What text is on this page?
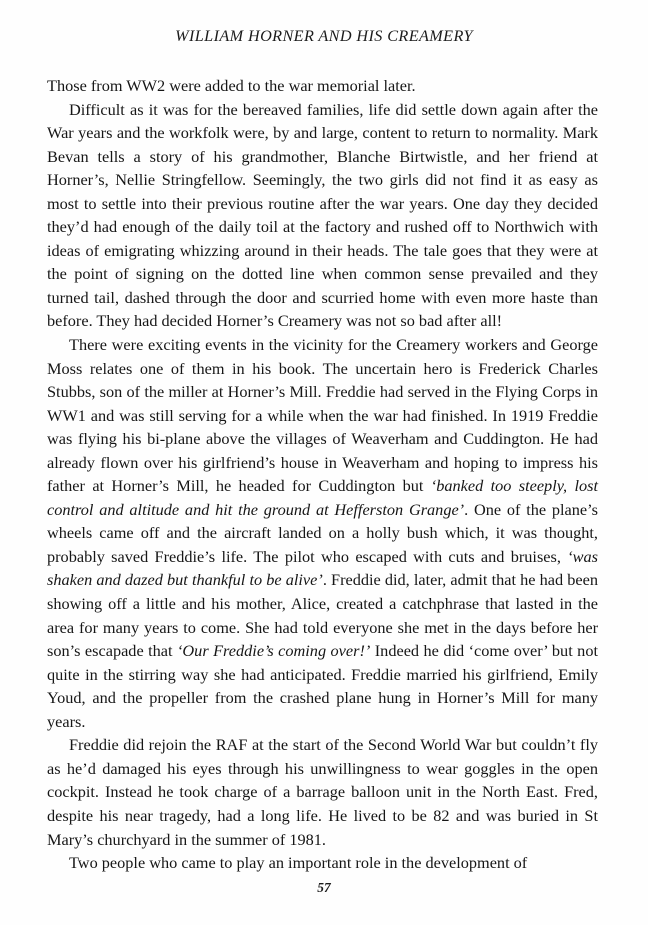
WILLIAM HORNER AND HIS CREAMERY

Those from WW2 were added to the war memorial later.

Difficult as it was for the bereaved families, life did settle down again after the War years and the workfolk were, by and large, content to return to normality. Mark Bevan tells a story of his grandmother, Blanche Birtwistle, and her friend at Horner’s, Nellie Stringfellow. Seemingly, the two girls did not find it as easy as most to settle into their previous routine after the war years. One day they decided they’d had enough of the daily toil at the factory and rushed off to Northwich with ideas of emigrating whizzing around in their heads. The tale goes that they were at the point of signing on the dotted line when common sense prevailed and they turned tail, dashed through the door and scurried home with even more haste than before. They had decided Horner’s Creamery was not so bad after all!

There were exciting events in the vicinity for the Creamery workers and George Moss relates one of them in his book. The uncertain hero is Frederick Charles Stubbs, son of the miller at Horner’s Mill. Freddie had served in the Flying Corps in WW1 and was still serving for a while when the war had finished. In 1919 Freddie was flying his bi-plane above the villages of Weaverham and Cuddington. He had already flown over his girlfriend’s house in Weaverham and hoping to impress his father at Horner’s Mill, he headed for Cuddington but ‘banked too steeply, lost control and altitude and hit the ground at Hefferston Grange’. One of the plane’s wheels came off and the aircraft landed on a holly bush which, it was thought, probably saved Freddie’s life. The pilot who escaped with cuts and bruises, ‘was shaken and dazed but thankful to be alive’. Freddie did, later, admit that he had been showing off a little and his mother, Alice, created a catchphrase that lasted in the area for many years to come. She had told everyone she met in the days before her son’s escapade that ‘Our Freddie’s coming over!’ Indeed he did ‘come over’ but not quite in the stirring way she had anticipated. Freddie married his girlfriend, Emily Youd, and the propeller from the crashed plane hung in Horner’s Mill for many years.

Freddie did rejoin the RAF at the start of the Second World War but couldn’t fly as he’d damaged his eyes through his unwillingness to wear goggles in the open cockpit. Instead he took charge of a barrage balloon unit in the North East. Fred, despite his near tragedy, had a long life. He lived to be 82 and was buried in St Mary’s churchyard in the summer of 1981.

Two people who came to play an important role in the development of

57
